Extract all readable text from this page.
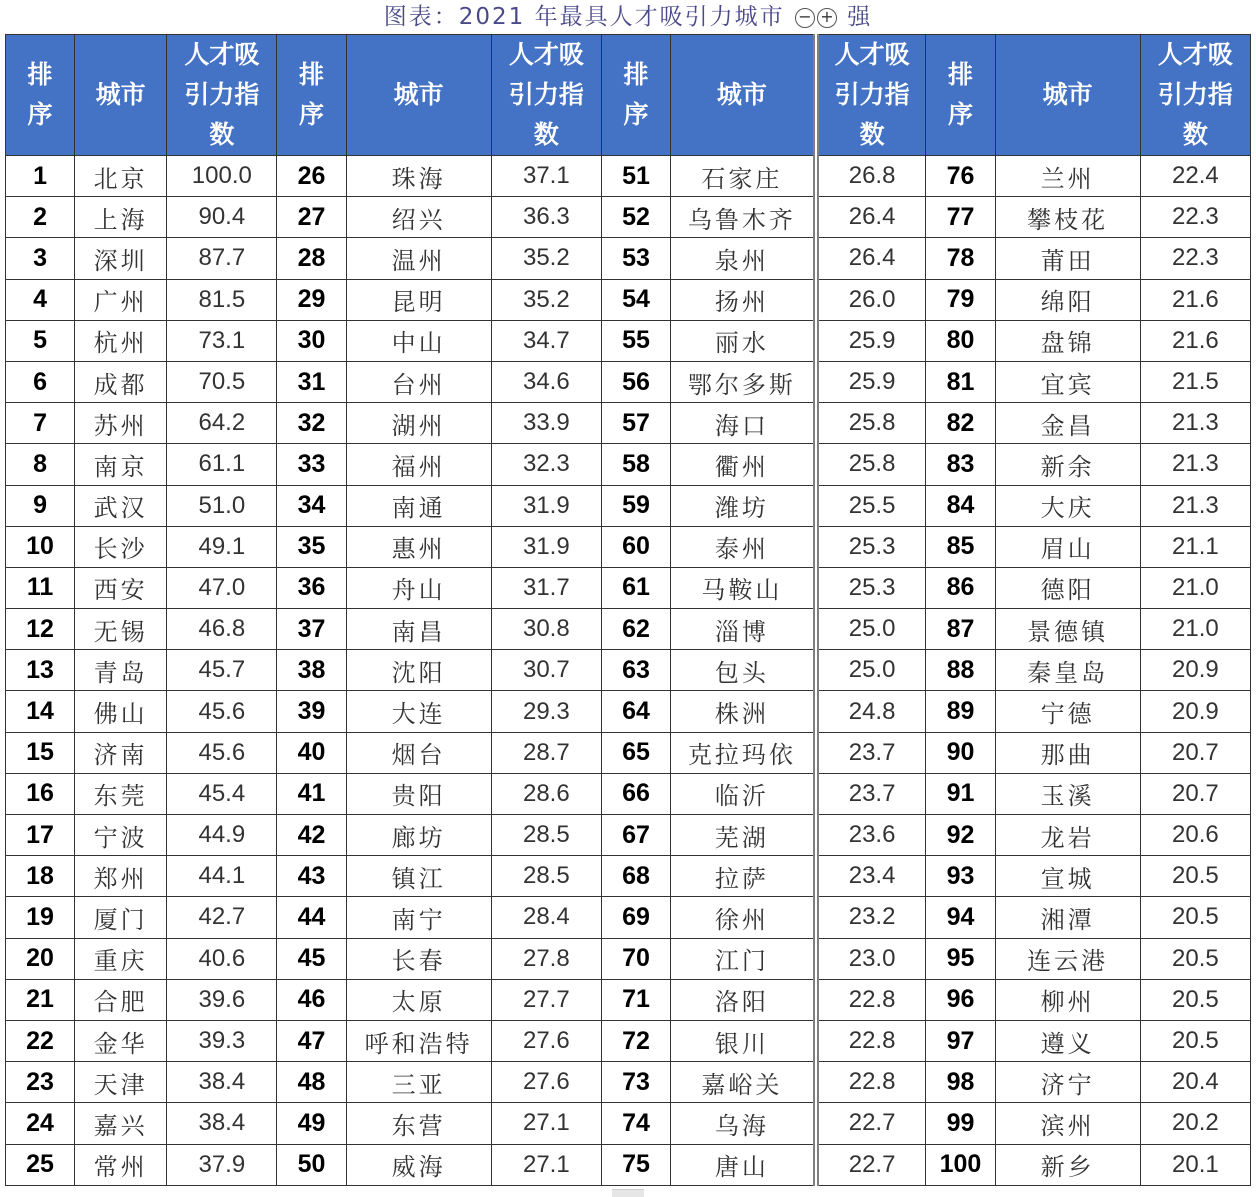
图表：2021 年最具人才吸引力城市 − + 强
排序	城市	人才吸引力指数	排序	城市	人才吸引力指数	排序	城市	人才吸引力指数	排序	城市	人才吸引力指数
1	北京	100.0	26	珠海	37.1	51	石家庄	26.8	76	兰州	22.4
2	上海	90.4	27	绍兴	36.3	52	乌鲁木齐	26.4	77	攀枝花	22.3
3	深圳	87.7	28	温州	35.2	53	泉州	26.4	78	莆田	22.3
4	广州	81.5	29	昆明	35.2	54	扬州	26.0	79	绵阳	21.6
5	杭州	73.1	30	中山	34.7	55	丽水	25.9	80	盘锦	21.6
6	成都	70.5	31	台州	34.6	56	鄂尔多斯	25.9	81	宜宾	21.5
7	苏州	64.2	32	湖州	33.9	57	海口	25.8	82	金昌	21.3
8	南京	61.1	33	福州	32.3	58	衢州	25.8	83	新余	21.3
9	武汉	51.0	34	南通	31.9	59	潍坊	25.5	84	大庆	21.3
10	长沙	49.1	35	惠州	31.9	60	泰州	25.3	85	眉山	21.1
11	西安	47.0	36	舟山	31.7	61	马鞍山	25.3	86	德阳	21.0
12	无锡	46.8	37	南昌	30.8	62	淄博	25.0	87	景德镇	21.0
13	青岛	45.7	38	沈阳	30.7	63	包头	25.0	88	秦皇岛	20.9
14	佛山	45.6	39	大连	29.3	64	株洲	24.8	89	宁德	20.9
15	济南	45.6	40	烟台	28.7	65	克拉玛依	23.7	90	那曲	20.7
16	东莞	45.4	41	贵阳	28.6	66	临沂	23.7	91	玉溪	20.7
17	宁波	44.9	42	廊坊	28.5	67	芜湖	23.6	92	龙岩	20.6
18	郑州	44.1	43	镇江	28.5	68	拉萨	23.4	93	宣城	20.5
19	厦门	42.7	44	南宁	28.4	69	徐州	23.2	94	湘潭	20.5
20	重庆	40.6	45	长春	27.8	70	江门	23.0	95	连云港	20.5
21	合肥	39.6	46	太原	27.7	71	洛阳	22.8	96	柳州	20.5
22	金华	39.3	47	呼和浩特	27.6	72	银川	22.8	97	遵义	20.5
23	天津	38.4	48	三亚	27.6	73	嘉峪关	22.8	98	济宁	20.4
24	嘉兴	38.4	49	东营	27.1	74	乌海	22.7	99	滨州	20.2
25	常州	37.9	50	威海	27.1	75	唐山	22.7	100	新乡	20.1
